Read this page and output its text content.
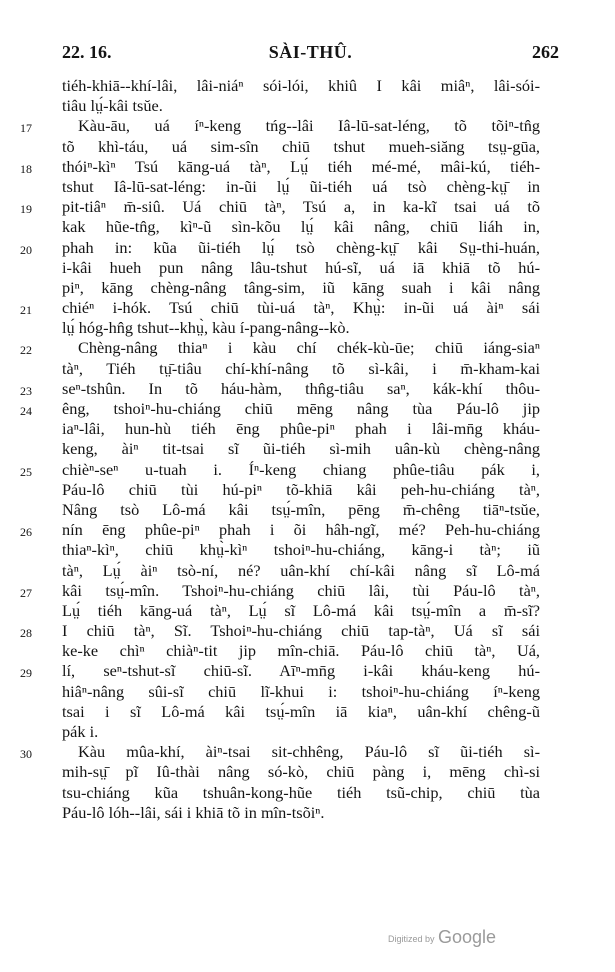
22. 16.	SÀI-THÛ.	262
tiéh-khiā--khí-lâi, lâi-niáⁿ sói-lói, khiû I kâi miâⁿ, lâi-sói-
tiâu lṳ́-kâi tsŭe.
17	Kàu-āu, uá íⁿ-keng tńg--lâi Iâ-lū-sat-léng, tõ tõiⁿ-tn̂g
tõ khì-táu, uá sim-sîn chiū tshut mueh-siăng tsṳ-gūa,
18	thóiⁿ-kìⁿ Tsú kāng-uá tàⁿ, Lṳ́ tiéh mé-mé, mâi-kú, tiéh-
tshut Iâ-lū-sat-léng: in-ũi lṳ́ ũi-tiéh uá tsò chèng-kṳ̄ in
19	pit-tiâⁿ m̄-siû. Uá chiū tàⁿ, Tsú a, in ka-kĩ tsai uá tõ
kak hũe-tn̂g, kìⁿ-ũ sìn-kõu lṳ́ kâi nâng, chiū liáh in,
20	phah in: kũa ũi-tiéh lṳ́ tsò chèng-kṳ̄ kâi Sṳ-thi-huán,
i-kâi hueh pun nâng lâu-tshut hú-sĩ, uá iā khiā tõ hú-
piⁿ, kāng chèng-nâng tâng-sim, iũ kāng suah i kâi nâng
21	chiéⁿ i-hók. Tsú chiū tùi-uá tàⁿ, Khṳ̀: in-ũi uá àiⁿ sái
lṳ́ hóg-hn̂g tshut--khṳ̀, kàu í-pang-nâng--kò.
22	Chèng-nâng thiaⁿ i kàu chí chék-kù-ūe; chiū iáng-siaⁿ
tàⁿ, Tiéh tṳ̄-tiâu chí-khí-nâng tõ sì-kâi, i m̄-kham-kai
23	seⁿ-tshûn. In tõ háu-hàm, thn̂g-tiâu saⁿ, kák-khí thôu-
24	êng, tshoiⁿ-hu-chiáng chiū mēng nâng tùa Páu-lô jip
iaⁿ-lâi, hun-hù tiéh ēng phûe-piⁿ phah i lâi-mn̄g kháu-
keng, àiⁿ tit-tsai sĩ ũi-tiéh sì-mih uân-kù chèng-nâng
25	chièⁿ-seⁿ u-tuah i. Íⁿ-keng chiang phûe-tiâu pák i,
Páu-lô chiū tùi hú-piⁿ tõ-khiā kâi peh-hu-chiáng tàⁿ,
Nâng tsò Lô-má kâi tsṳ́-mîn, pēng m̄-chêng tiāⁿ-tsŭe,
26	nín ēng phûe-piⁿ phah i õi hâh-ngĩ, mé? Peh-hu-chiáng
thiaⁿ-kìⁿ, chiū khṳ̀-kìⁿ tshoiⁿ-hu-chiáng, kāng-i tàⁿ; iũ
tàⁿ, Lṳ́ àiⁿ tsò-ní, né? uân-khí chí-kâi nâng sĩ Lô-má
27	kâi tsṳ́-mîn. Tshoiⁿ-hu-chiáng chiū lâi, tùi Páu-lô tàⁿ,
Lṳ́ tiéh kāng-uá tàⁿ, Lṳ́ sĩ Lô-má kâi tsṳ́-mîn a m̄-sĩ?
28	I chiū tàⁿ, Sĩ. Tshoiⁿ-hu-chiáng chiū tap-tàⁿ, Uá sĩ sái
ke-ke chìⁿ chiàⁿ-tit jip mîn-chiā. Páu-lô chiū tàⁿ, Uá,
29	lí, seⁿ-tshut-sĩ chiū-sĩ. Aīⁿ-mn̄g i-kâi kháu-keng hú-
hiâⁿ-nâng sûi-sĩ chiū lĩ-khui i: tshoiⁿ-hu-chiáng íⁿ-keng
tsai i sĩ Lô-má kâi tsṳ́-mîn iā kiaⁿ, uân-khí chêng-ũ
pák i.
30	Kàu mûa-khí, àiⁿ-tsai sit-chhêng, Páu-lô sĩ ũi-tiéh sì-
mih-sṳ̄ pĩ Iû-thài nâng só-kò, chiū pàng i, mēng chì-si
tsu-chiáng kũa tshuân-kong-hũe tiéh tsũ-chip, chiū tùa
Páu-lô lóh--lâi, sái i khiā tõ in mîn-tsõiⁿ.
Digitized by Google
